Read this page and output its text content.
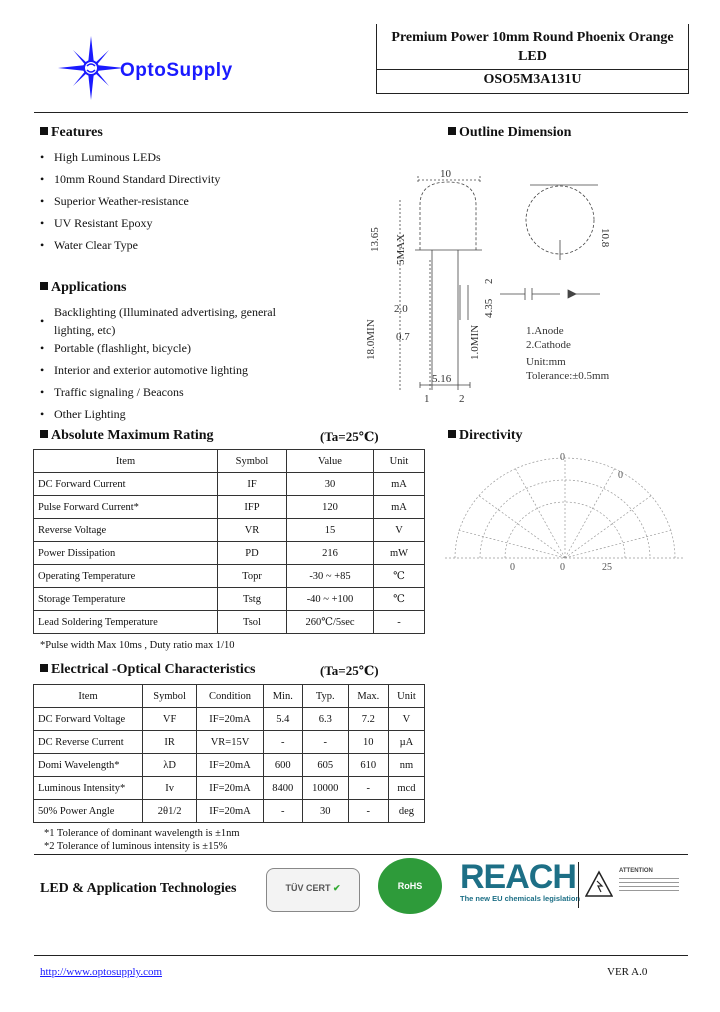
OptoSupply
Premium Power 10mm Round Phoenix Orange LED
OSO5M3A131U
Features
• High Luminous LEDs
• 10mm Round Standard Directivity
• Superior Weather-resistance
• UV Resistant Epoxy
• Water Clear Type
Applications
•
Backlighting (Illuminated advertising, general lighting, etc)
• Portable (flashlight, bicycle)
• Interior and exterior automotive lighting
• Traffic signaling / Beacons
• Other Lighting
Outline Dimension
10
13.65 5MAX	10.8
4.35
2
2.0
0.7
18.0MIN	1.0MIN
5.16
1	2
1.Anode
2.Cathode
Unit:mm
Tolerance:±0.5mm
Absolute Maximum Rating	(Ta=25℃)
Item	Symbol	Value	Unit
DC Forward Current	IF	30	mA
Pulse Forward Current*	IFP	120	mA
Reverse Voltage	VR	15	V
Power Dissipation	PD	216	mW
Operating Temperature	Topr	-30 ~ +85	℃
Storage Temperature	Tstg	-40 ~ +100	℃
Lead Soldering Temperature	Tsol	260℃/5sec	-
*Pulse width Max 10ms , Duty ratio max 1/10
Directivity
0
0
0
0	25
Electrical -Optical Characteristics	(Ta=25℃)
Item	Symbol	Condition	Min.	Typ.	Max.	Unit
DC Forward Voltage	VF	IF=20mA	5.4	6.3	7.2	V
DC Reverse Current	IR	VR=15V	-	-	10	µA
Domi Wavelength*	λD	IF=20mA	600	605	610	nm
Luminous Intensity*	Iv	IF=20mA	8400	10000	-	mcd
50% Power Angle	2θ1/2	IF=20mA	-	30	-	deg
*1 Tolerance of dominant wavelength is ±1nm
*2 Tolerance of luminous intensity is ±15%
LED & Application Technologies	TÜV CERT ✔	RoHS Compliant
REACH
The new EU chemicals legislation
ATTENTION
http://www.optosupply.com	VER A.0
